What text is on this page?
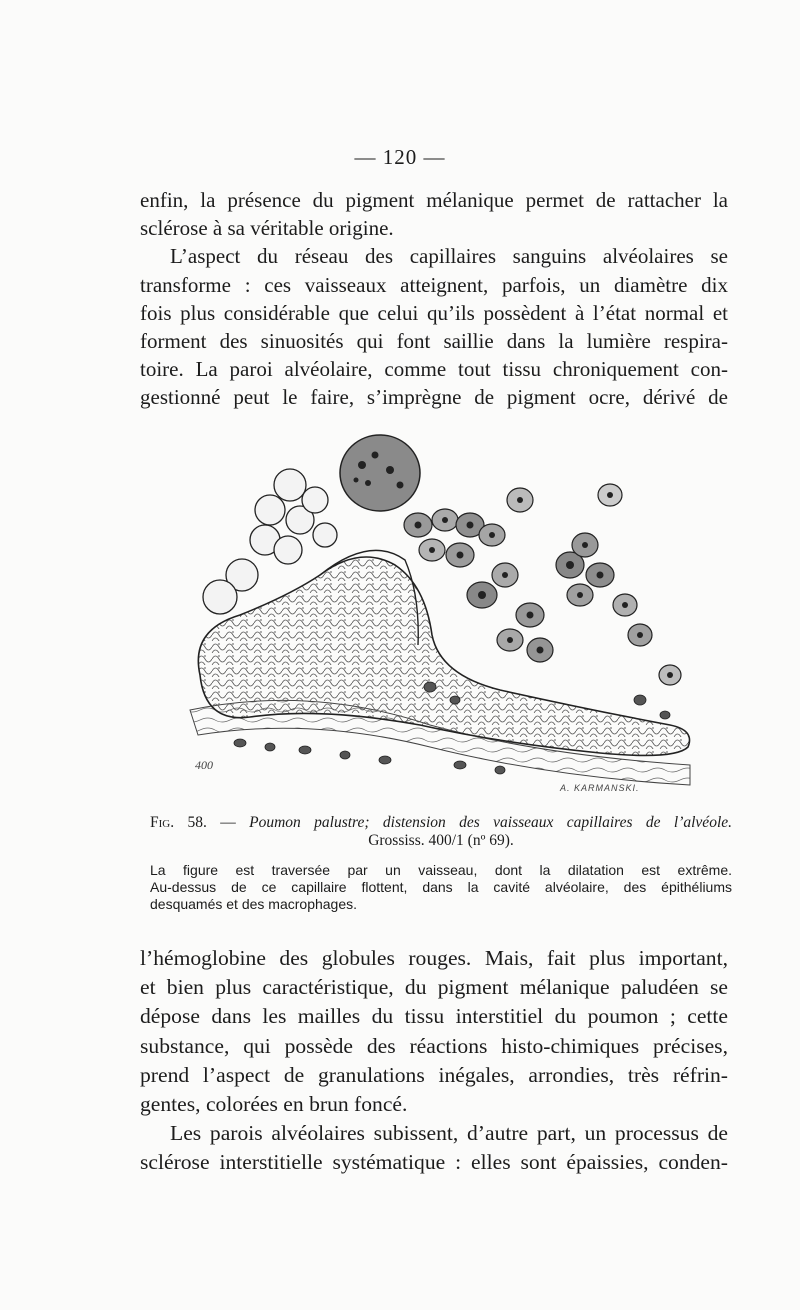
— 120 —
enfin, la présence du pigment mélanique permet de rattacher la
sclérose à sa véritable origine.
L’aspect du réseau des capillaires sanguins alvéolaires se
transforme : ces vaisseaux atteignent, parfois, un diamètre dix
fois plus considérable que celui qu’ils possèdent à l’état normal et
forment des sinuosités qui font saillie dans la lumière respira-
toire. La paroi alvéolaire, comme tout tissu chroniquement con-
gestionné peut le faire, s’imprègne de pigment ocre, dérivé de
400
A. KARMANSKI.
Fig. 58. — Poumon palustre; distension des vaisseaux capillaires de l’alvéole.
Grossiss. 400/1 (nº 69).
La figure est traversée par un vaisseau, dont la dilatation est extrême.
Au-dessus de ce capillaire flottent, dans la cavité alvéolaire, des épithéliums
desquamés et des macrophages.
l’hémoglobine des globules rouges. Mais, fait plus important,
et bien plus caractéristique, du pigment mélanique paludéen se
dépose dans les mailles du tissu interstitiel du poumon ; cette
substance, qui possède des réactions histo-chimiques précises,
prend l’aspect de granulations inégales, arrondies, très réfrin-
gentes, colorées en brun foncé.
Les parois alvéolaires subissent, d’autre part, un processus de
sclérose interstitielle systématique : elles sont épaissies, conden-
